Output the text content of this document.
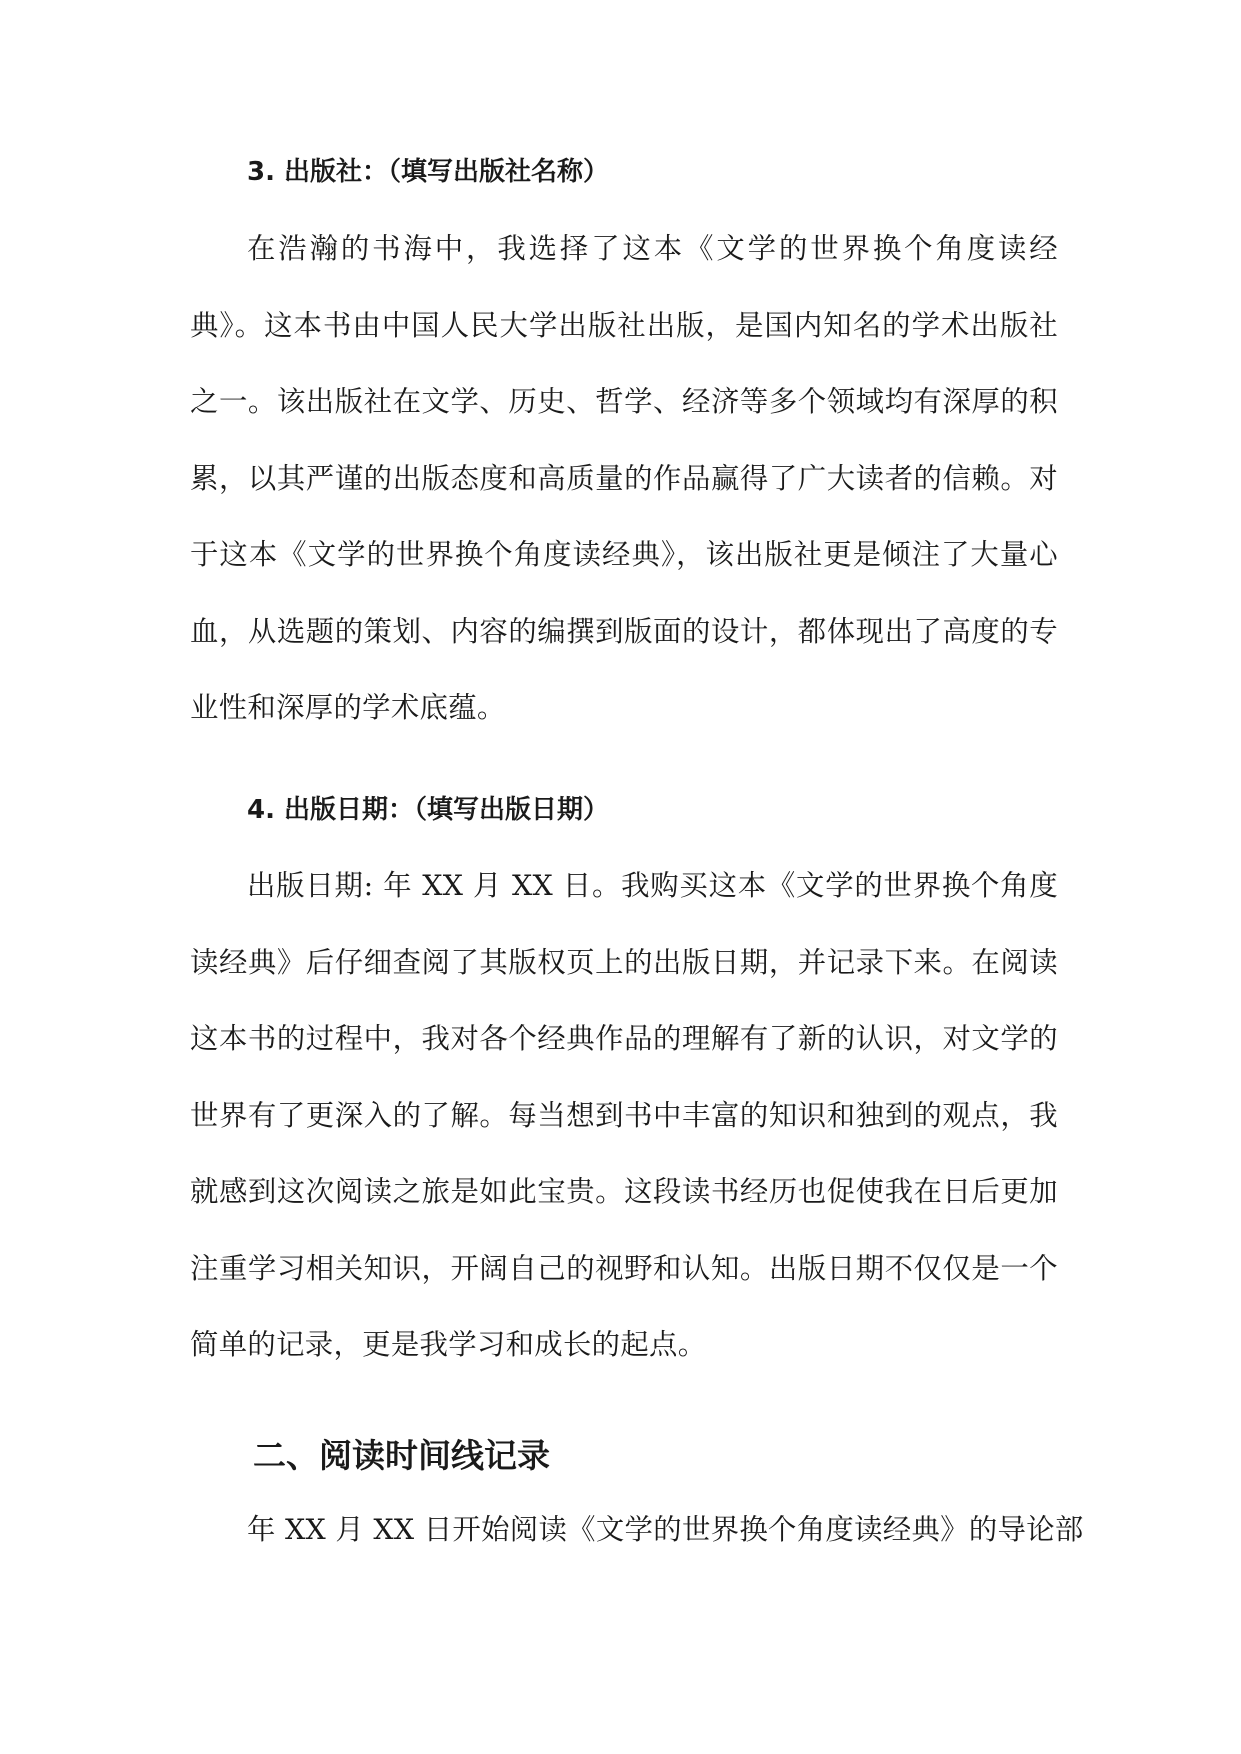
3. 出版社：（填写出版社名称）

在浩瀚的书海中，我选择了这本《文学的世界换个角度读经典》。这本书由中国人民大学出版社出版，是国内知名的学术出版社之一。该出版社在文学、历史、哲学、经济等多个领域均有深厚的积累，以其严谨的出版态度和高质量的作品赢得了广大读者的信赖。对于这本《文学的世界换个角度读经典》，该出版社更是倾注了大量心血，从选题的策划、内容的编撰到版面的设计，都体现出了高度的专业性和深厚的学术底蕴。

4. 出版日期：（填写出版日期）

出版日期: 年 XX 月 XX 日。我购买这本《文学的世界换个角度读经典》后仔细查阅了其版权页上的出版日期，并记录下来。在阅读这本书的过程中，我对各个经典作品的理解有了新的认识，对文学的世界有了更深入的了解。每当想到书中丰富的知识和独到的观点，我就感到这次阅读之旅是如此宝贵。这段读书经历也促使我在日后更加注重学习相关知识，开阔自己的视野和认知。出版日期不仅仅是一个简单的记录，更是我学习和成长的起点。

二、阅读时间线记录

年 XX 月 XX 日开始阅读《文学的世界换个角度读经典》的导论部
